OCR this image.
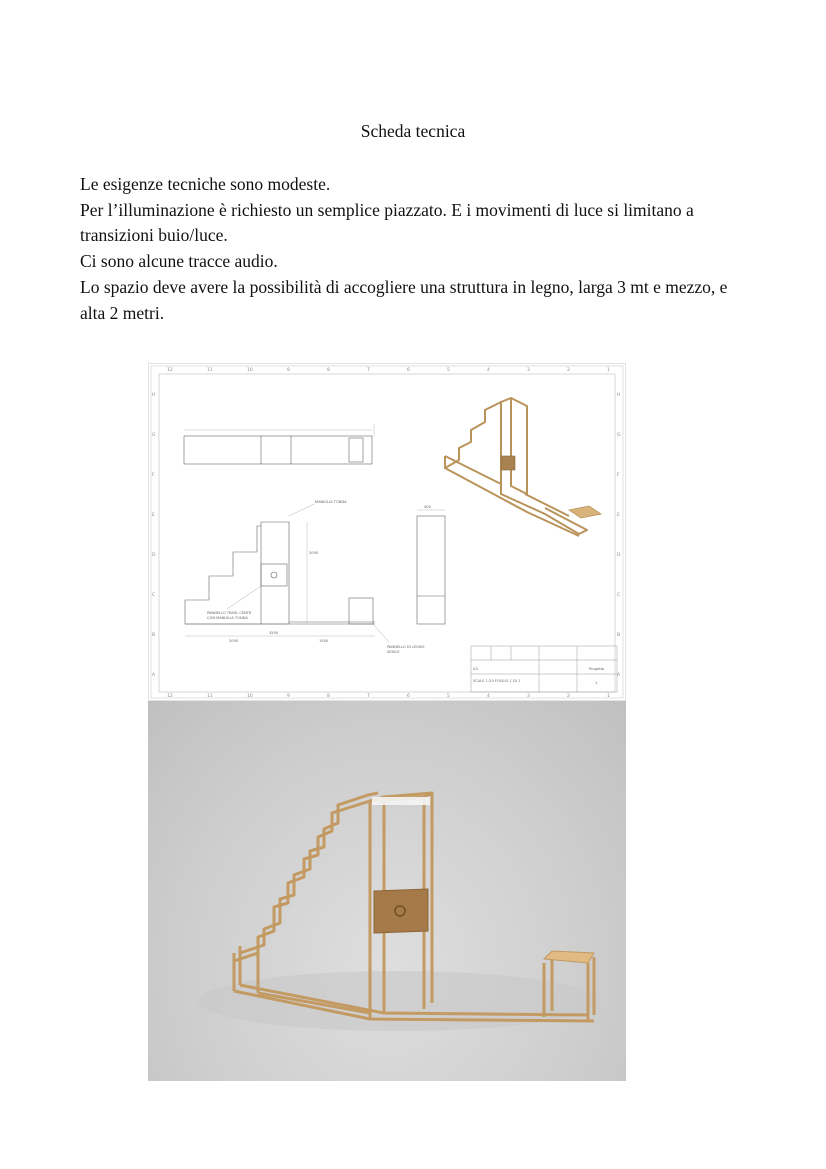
Scheda tecnica

Le esigenze tecniche sono modeste.

Per l’illuminazione è richiesto un semplice piazzato. E i movimenti di luce si limitano a transizioni buio/luce.

Ci sono alcune tracce audio.

Lo spazio deve avere la possibilità di accogliere una struttura in legno, larga 3 mt e mezzo, e alta 2 metri.

12
12
11
11
10
10
9
9
8
8
7
7
6
6
5
5
4
4
3
3
2
2
1
1
H	H
G	G
F	F
E	E
D	D
C	C
B	B
A	A
MANIGLIA TONDA
PANNELLO TRASL CENTR
CON MANIGLIA TONDA
PANNELLO DI LEGNO
SEDILE
3500
2000	1500
2000
400
A3
SCALE 1:20 FOGLIO 1 DI 1
Progetto
1
